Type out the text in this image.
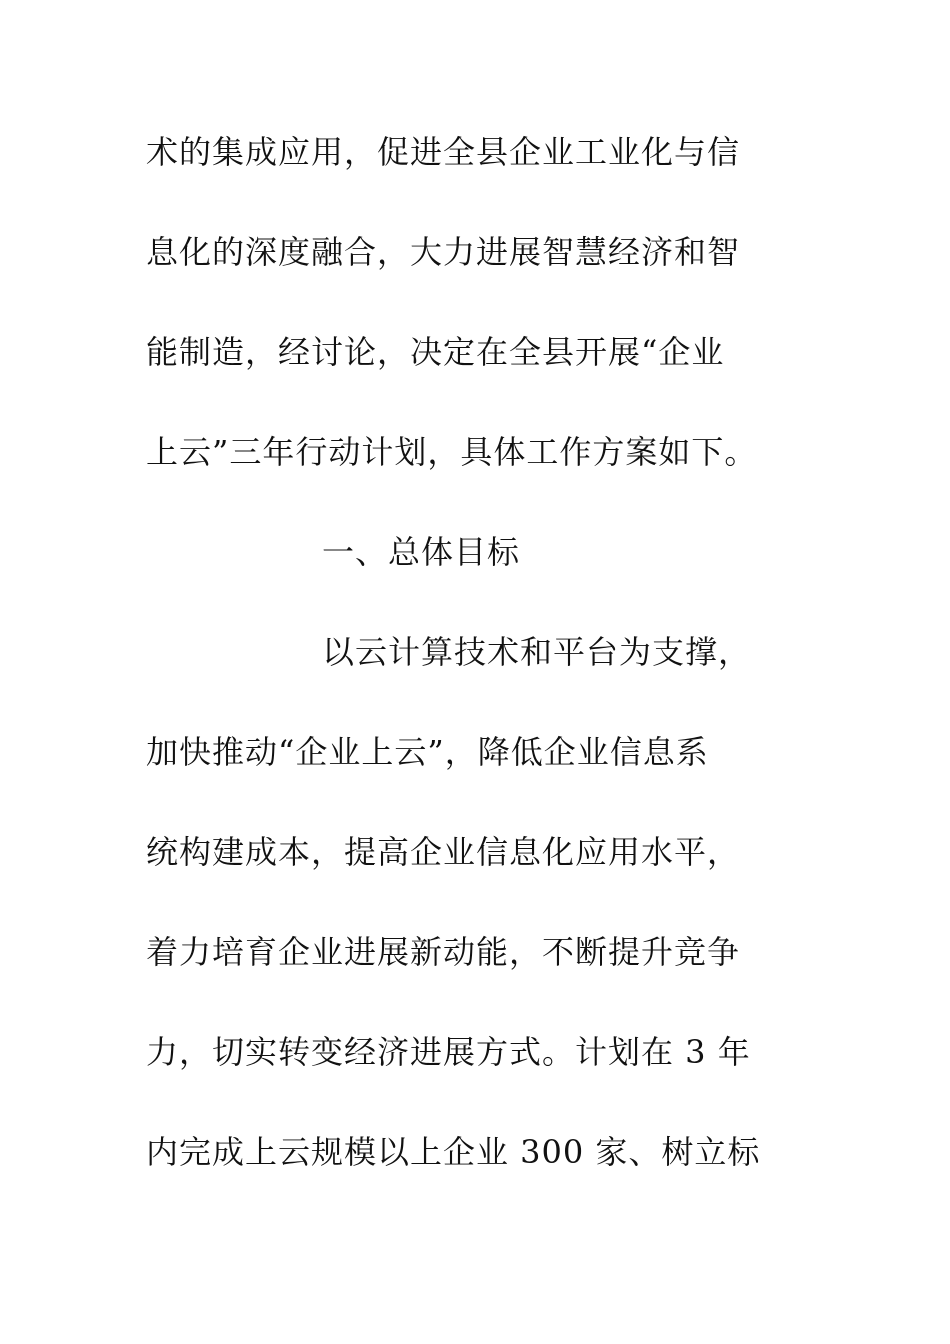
术的集成应用，促进全县企业工业化与信
息化的深度融合，大力进展智慧经济和智
能制造，经讨论，决定在全县开展“企业
上云”三年行动计划，具体工作方案如下。
一、总体目标
以云计算技术和平台为支撑，
加快推动“企业上云”，降低企业信息系
统构建成本，提高企业信息化应用水平，
着力培育企业进展新动能，不断提升竞争
力，切实转变经济进展方式。计划在 3 年
内完成上云规模以上企业 300 家、树立标
